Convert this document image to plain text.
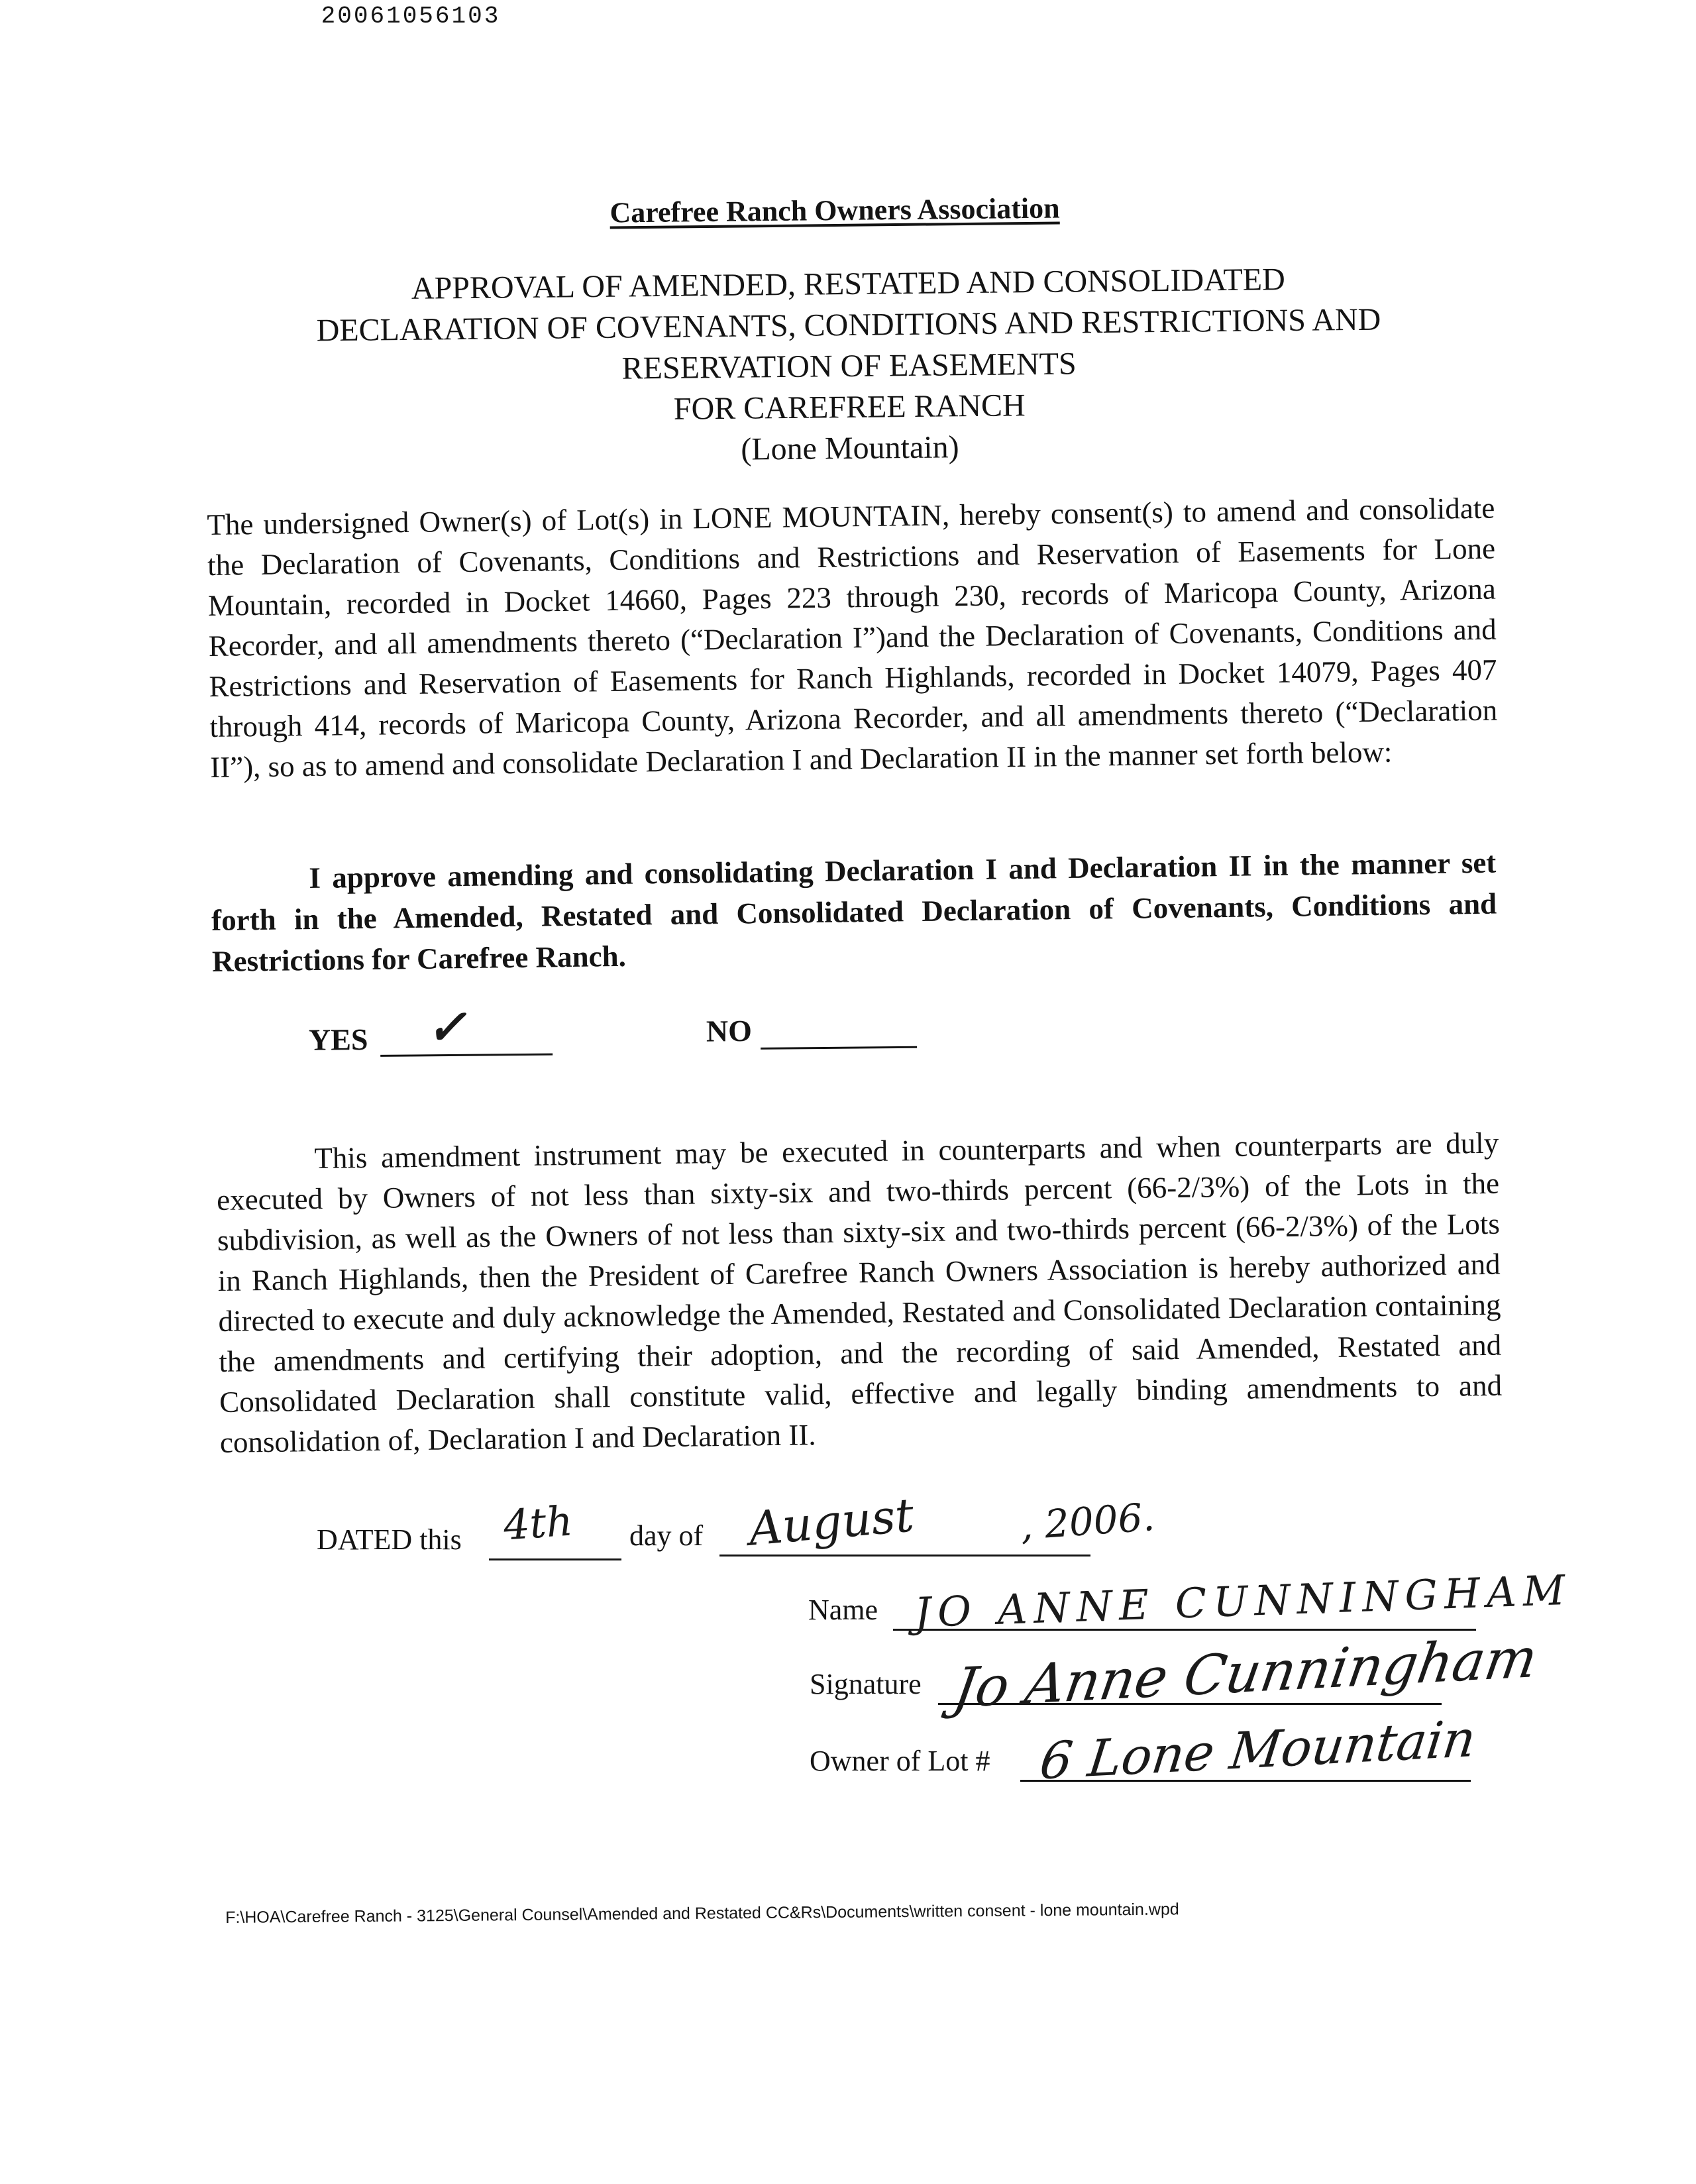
20061056103
Carefree Ranch Owners Association
APPROVAL OF AMENDED, RESTATED AND CONSOLIDATED
DECLARATION OF COVENANTS, CONDITIONS AND RESTRICTIONS AND
RESERVATION OF EASEMENTS
FOR CAREFREE RANCH
(Lone Mountain)
The undersigned Owner(s) of Lot(s) in LONE MOUNTAIN, hereby consent(s) to amend and consolidate the Declaration of Covenants, Conditions and Restrictions and Reservation of Easements for Lone Mountain, recorded in Docket 14660, Pages 223 through 230, records of Maricopa County, Arizona Recorder, and all amendments thereto (“Declaration I”)and the Declaration of Covenants, Conditions and Restrictions and Reservation of Easements for Ranch Highlands, recorded in Docket 14079, Pages 407 through 414, records of Maricopa County, Arizona Recorder, and all amendments thereto (“Declaration II”), so as to amend and consolidate Declaration I and Declaration II in the manner set forth below:
I approve amending and consolidating Declaration I and Declaration II in the manner set forth in the Amended, Restated and Consolidated Declaration of Covenants, Conditions and Restrictions for Carefree Ranch.
YES ✓	NO
This amendment instrument may be executed in counterparts and when counterparts are duly executed by Owners of not less than sixty-six and two-thirds percent (66-2/3%) of the Lots in the subdivision, as well as the Owners of not less than sixty-six and two-thirds percent (66-2/3%) of the Lots in Ranch Highlands, then the President of Carefree Ranch Owners Association is hereby authorized and directed to execute and duly acknowledge the Amended, Restated and Consolidated Declaration containing the amendments and certifying their adoption, and the recording of said Amended, Restated and Consolidated Declaration shall constitute valid, effective and legally binding amendments to and consolidation of, Declaration I and Declaration II.
DATED this 4th day of August	, 2006.
Name JO ANNE CUNNINGHAM
Signature Jo Anne Cunningham
Owner of Lot # 6 Lone Mountain
F:\HOA\Carefree Ranch - 3125\General Counsel\Amended and Restated CC&Rs\Documents\written consent - lone mountain.wpd
